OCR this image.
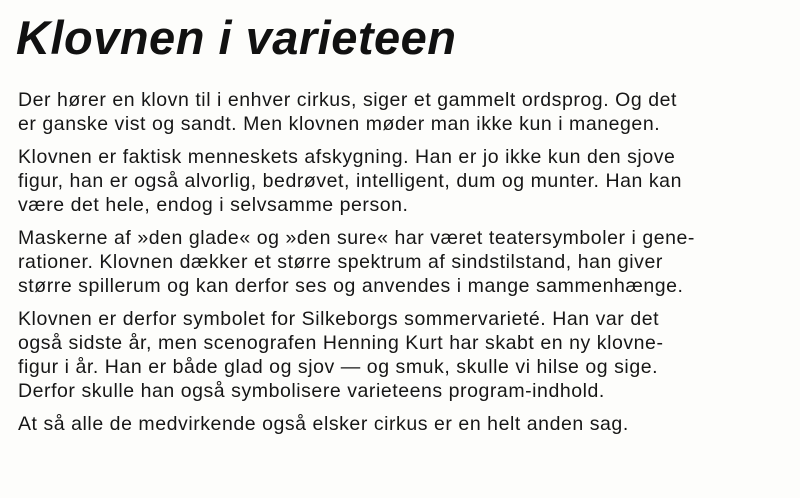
Klovnen i varieteen

Der hører en klovn til i enhver cirkus, siger et gammelt ordsprog. Og det
er ganske vist og sandt. Men klovnen møder man ikke kun i manegen.

Klovnen er faktisk menneskets afskygning. Han er jo ikke kun den sjove
figur, han er også alvorlig, bedrøvet, intelligent, dum og munter. Han kan
være det hele, endog i selvsamme person.

Maskerne af »den glade« og »den sure« har været teatersymboler i gene-
rationer. Klovnen dækker et større spektrum af sindstilstand, han giver
større spillerum og kan derfor ses og anvendes i mange sammenhænge.

Klovnen er derfor symbolet for Silkeborgs sommervarieté. Han var det
også sidste år, men scenografen Henning Kurt har skabt en ny klovne-
figur i år. Han er både glad og sjov — og smuk, skulle vi hilse og sige.
Derfor skulle han også symbolisere varieteens program-indhold.

At så alle de medvirkende også elsker cirkus er en helt anden sag.
